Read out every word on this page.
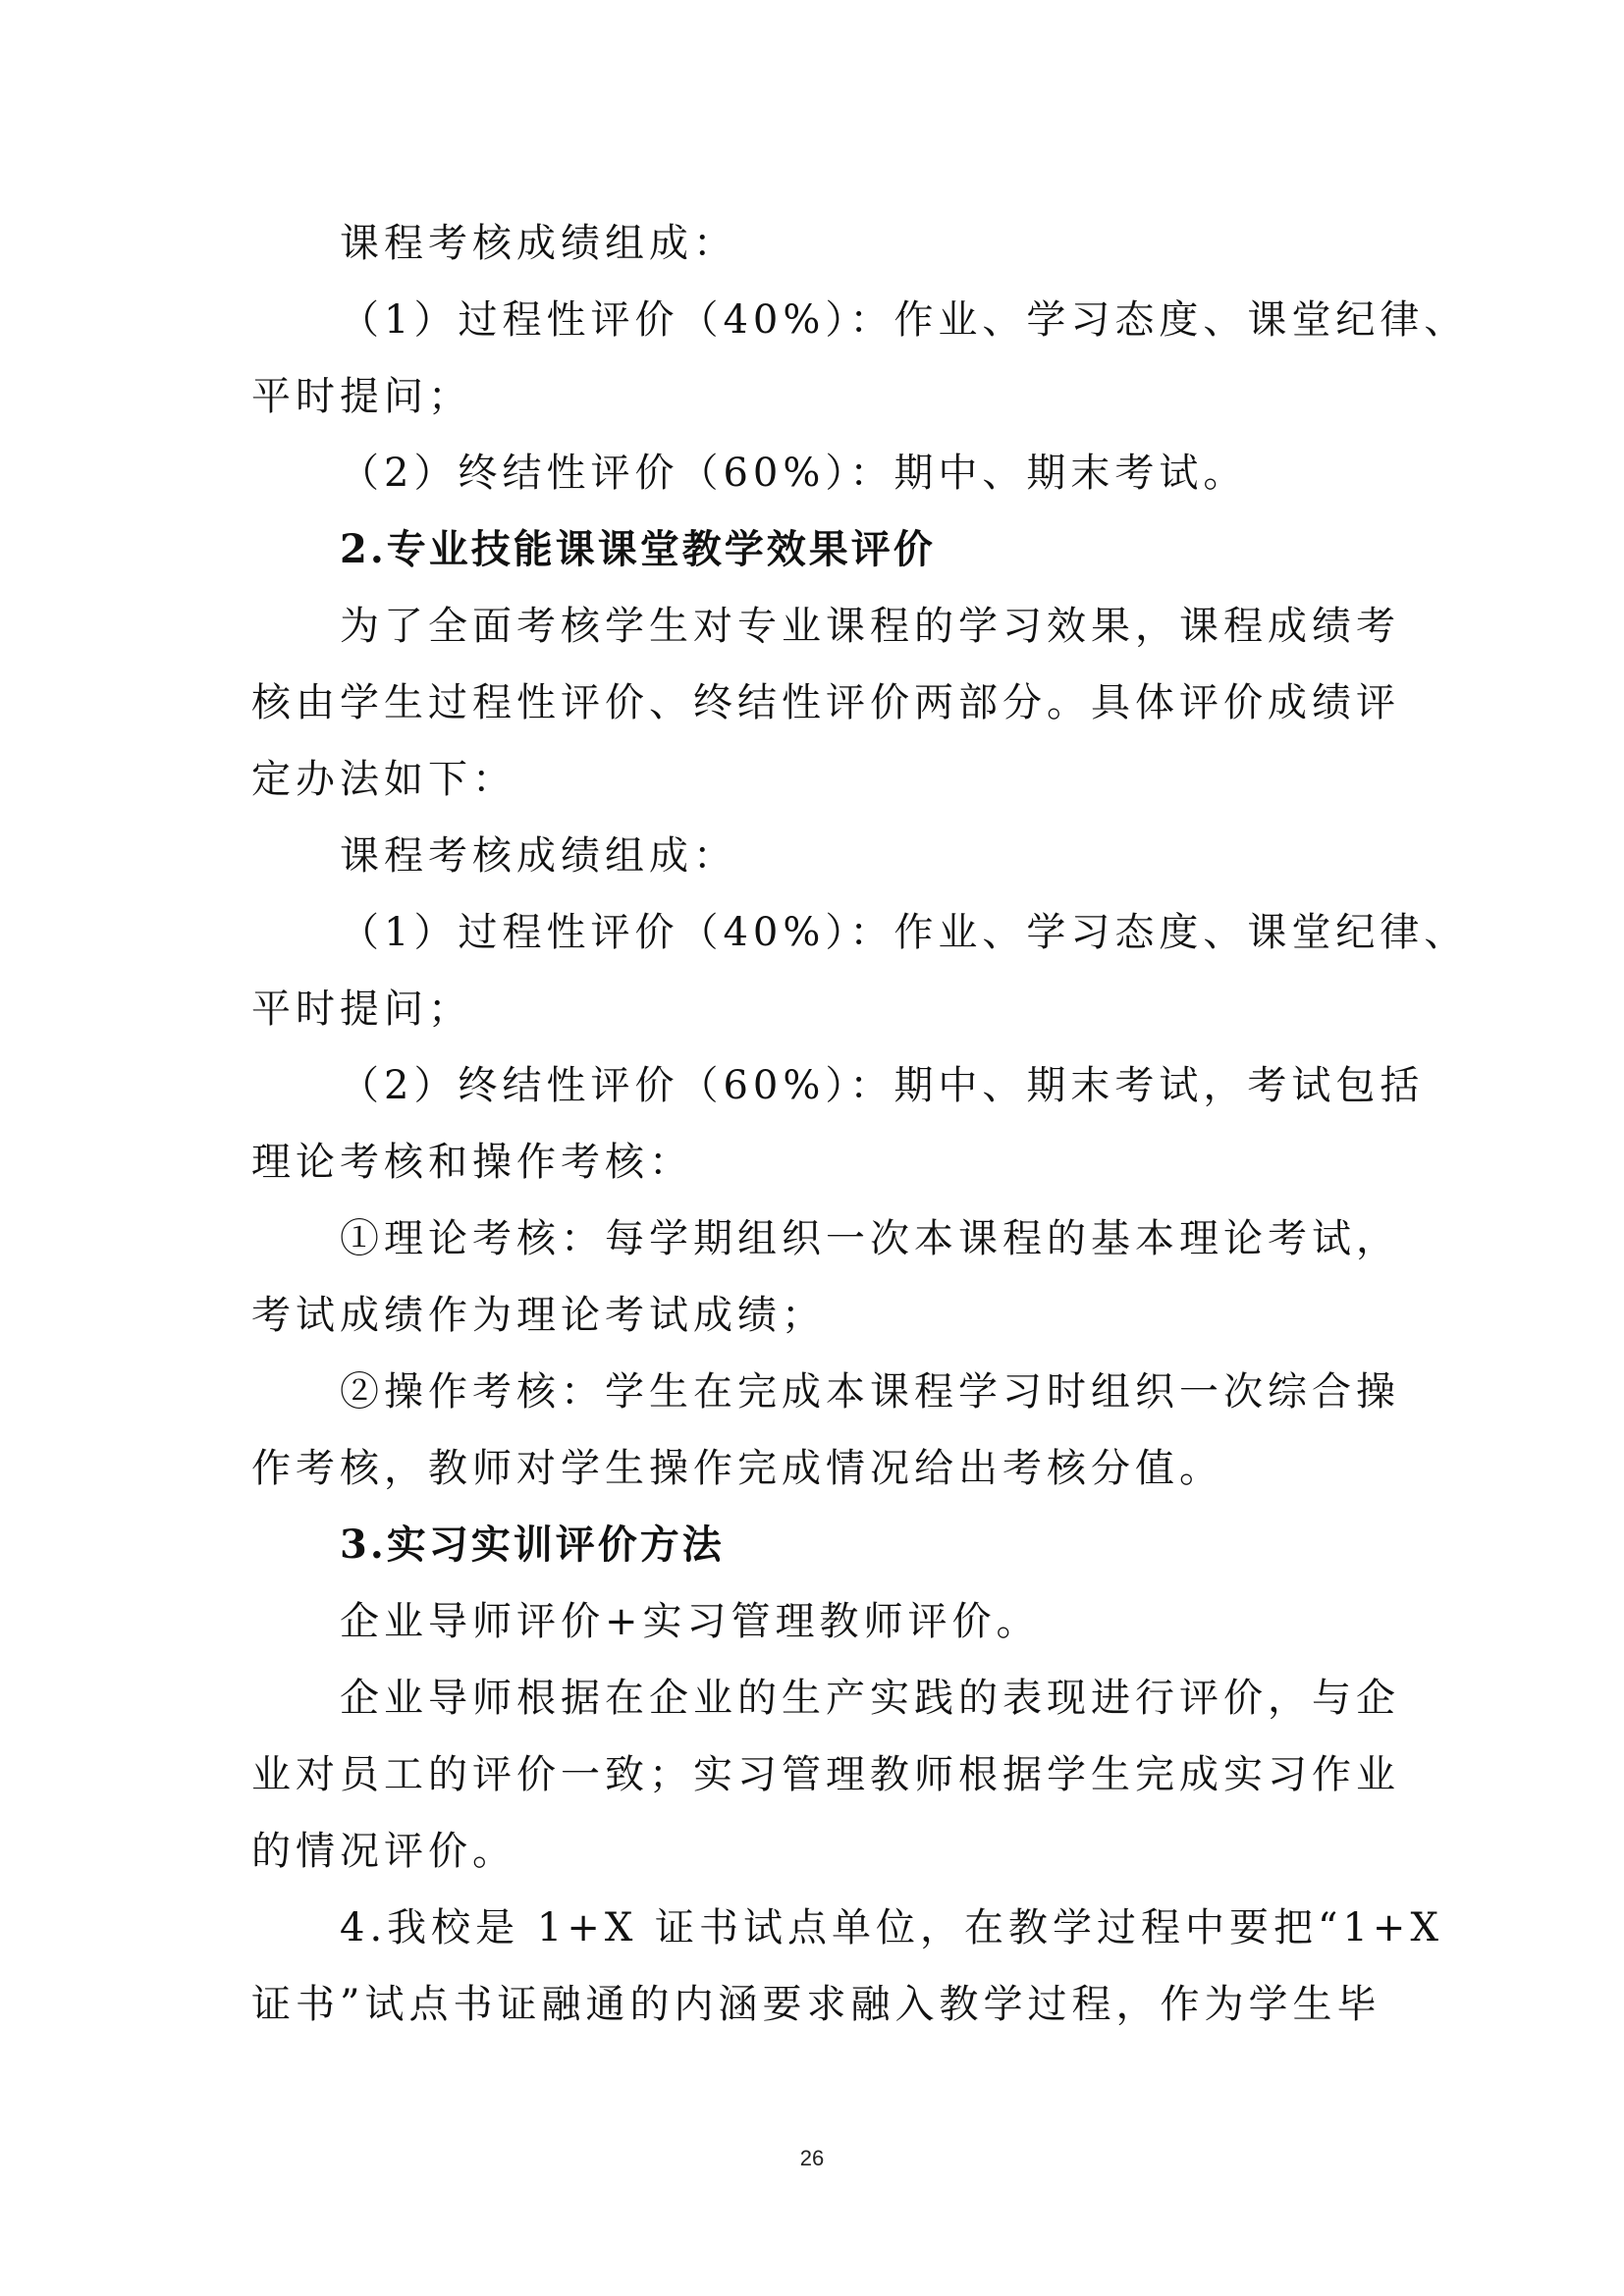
课程考核成绩组成：
（1）过程性评价（40%）：作业、学习态度、课堂纪律、
平时提问；
（2）终结性评价（60%）：期中、期末考试。
2.专业技能课课堂教学效果评价
为了全面考核学生对专业课程的学习效果，课程成绩考
核由学生过程性评价、终结性评价两部分。具体评价成绩评
定办法如下：
课程考核成绩组成：
（1）过程性评价（40%）：作业、学习态度、课堂纪律、
平时提问；
（2）终结性评价（60%）：期中、期末考试，考试包括
理论考核和操作考核：
①理论考核：每学期组织一次本课程的基本理论考试，
考试成绩作为理论考试成绩；
②操作考核：学生在完成本课程学习时组织一次综合操
作考核，教师对学生操作完成情况给出考核分值。
3.实习实训评价方法
企业导师评价+实习管理教师评价。
企业导师根据在企业的生产实践的表现进行评价，与企
业对员工的评价一致；实习管理教师根据学生完成实习作业
的情况评价。
4.我校是 1+X 证书试点单位，在教学过程中要把“1+X
证书”试点书证融通的内涵要求融入教学过程，作为学生毕
26
